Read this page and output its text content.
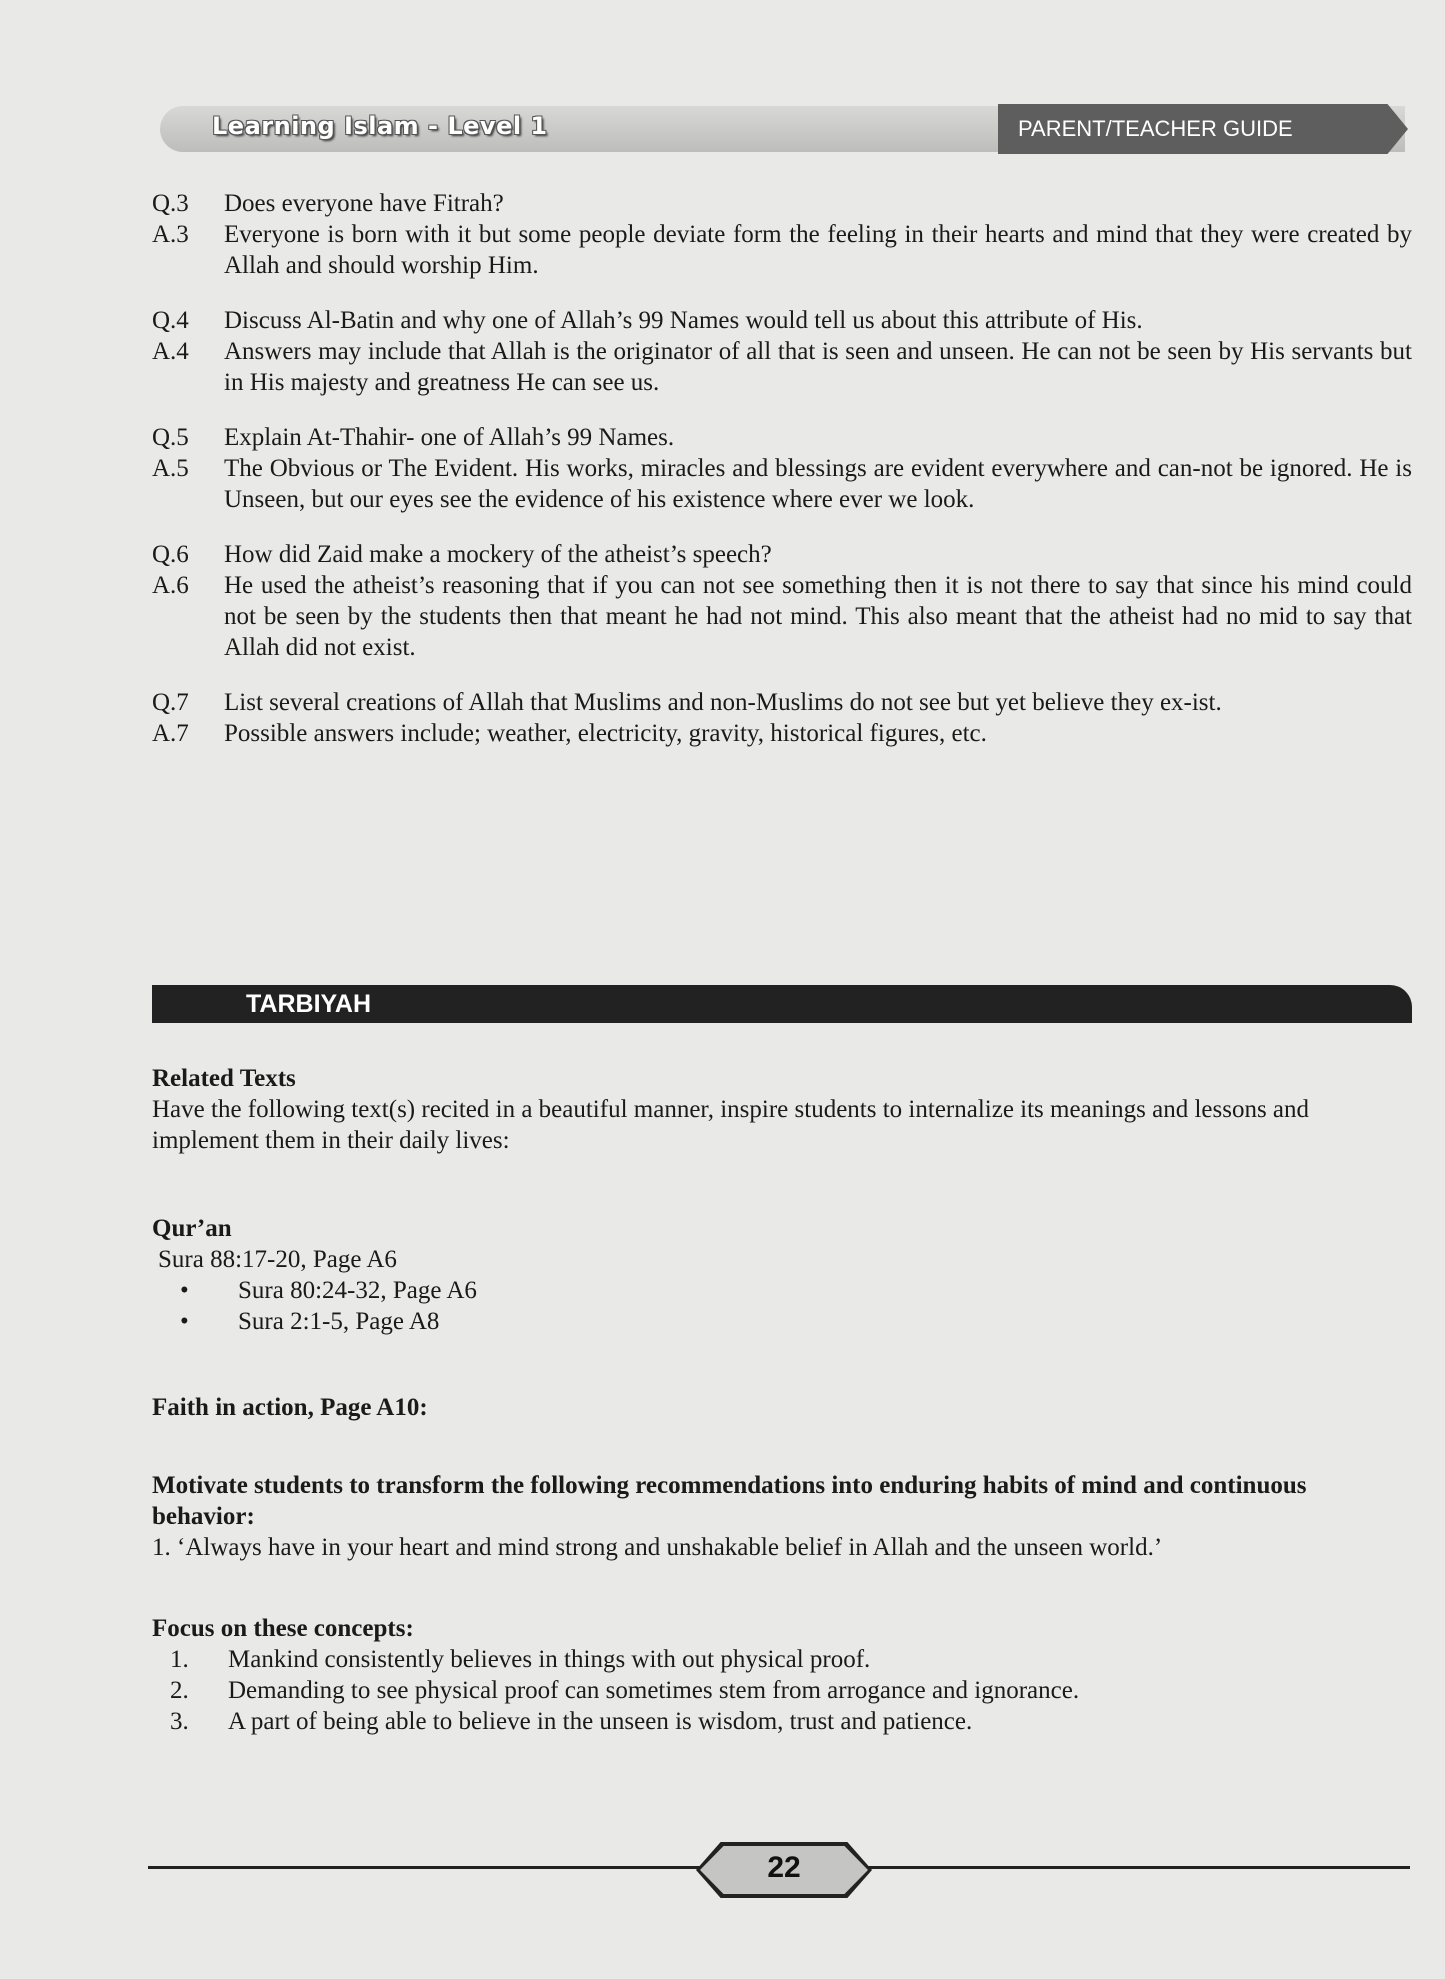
Learning Islam - Level 1	PARENT/TEACHER GUIDE
Q.3	Does everyone have Fitrah?
A.3	Everyone is born with it but some people deviate form the feeling in their hearts and mind that they were created by Allah and should worship Him.
Q.4	Discuss Al-Batin and why one of Allah’s 99 Names would tell us about this attribute of His.
A.4	Answers may include that Allah is the originator of all that is seen and unseen. He can not be seen by His servants but in His majesty and greatness He can see us.
Q.5	Explain At-Thahir- one of Allah’s 99 Names.
A.5	The Obvious or The Evident. His works, miracles and blessings are evident everywhere and can-not be ignored. He is Unseen, but our eyes see the evidence of his existence where ever we look.
Q.6	How did Zaid make a mockery of the atheist’s speech?
A.6	He used the atheist’s reasoning that if you can not see something then it is not there to say that since his mind could not be seen by the students then that meant he had not mind. This also meant that the atheist had no mid to say that Allah did not exist.
Q.7	List several creations of Allah that Muslims and non-Muslims do not see but yet believe they ex-ist.
A.7	Possible answers include; weather, electricity, gravity, historical figures, etc.
TARBIYAH
Related Texts
Have the following text(s) recited in a beautiful manner, inspire students to internalize its meanings and lessons and implement them in their daily lives:
Qur’an
Sura 88:17-20, Page A6
•	Sura 80:24-32, Page A6
•	Sura 2:1-5, Page A8
Faith in action, Page A10:
Motivate students to transform the following recommendations into enduring habits of mind and continuous behavior:
1. ‘Always have in your heart and mind strong and unshakable belief in Allah and the unseen world.’
Focus on these concepts:
1.	Mankind consistently believes in things with out physical proof.
2.	Demanding to see physical proof can sometimes stem from arrogance and ignorance.
3.	A part of being able to believe in the unseen is wisdom, trust and patience.
22
